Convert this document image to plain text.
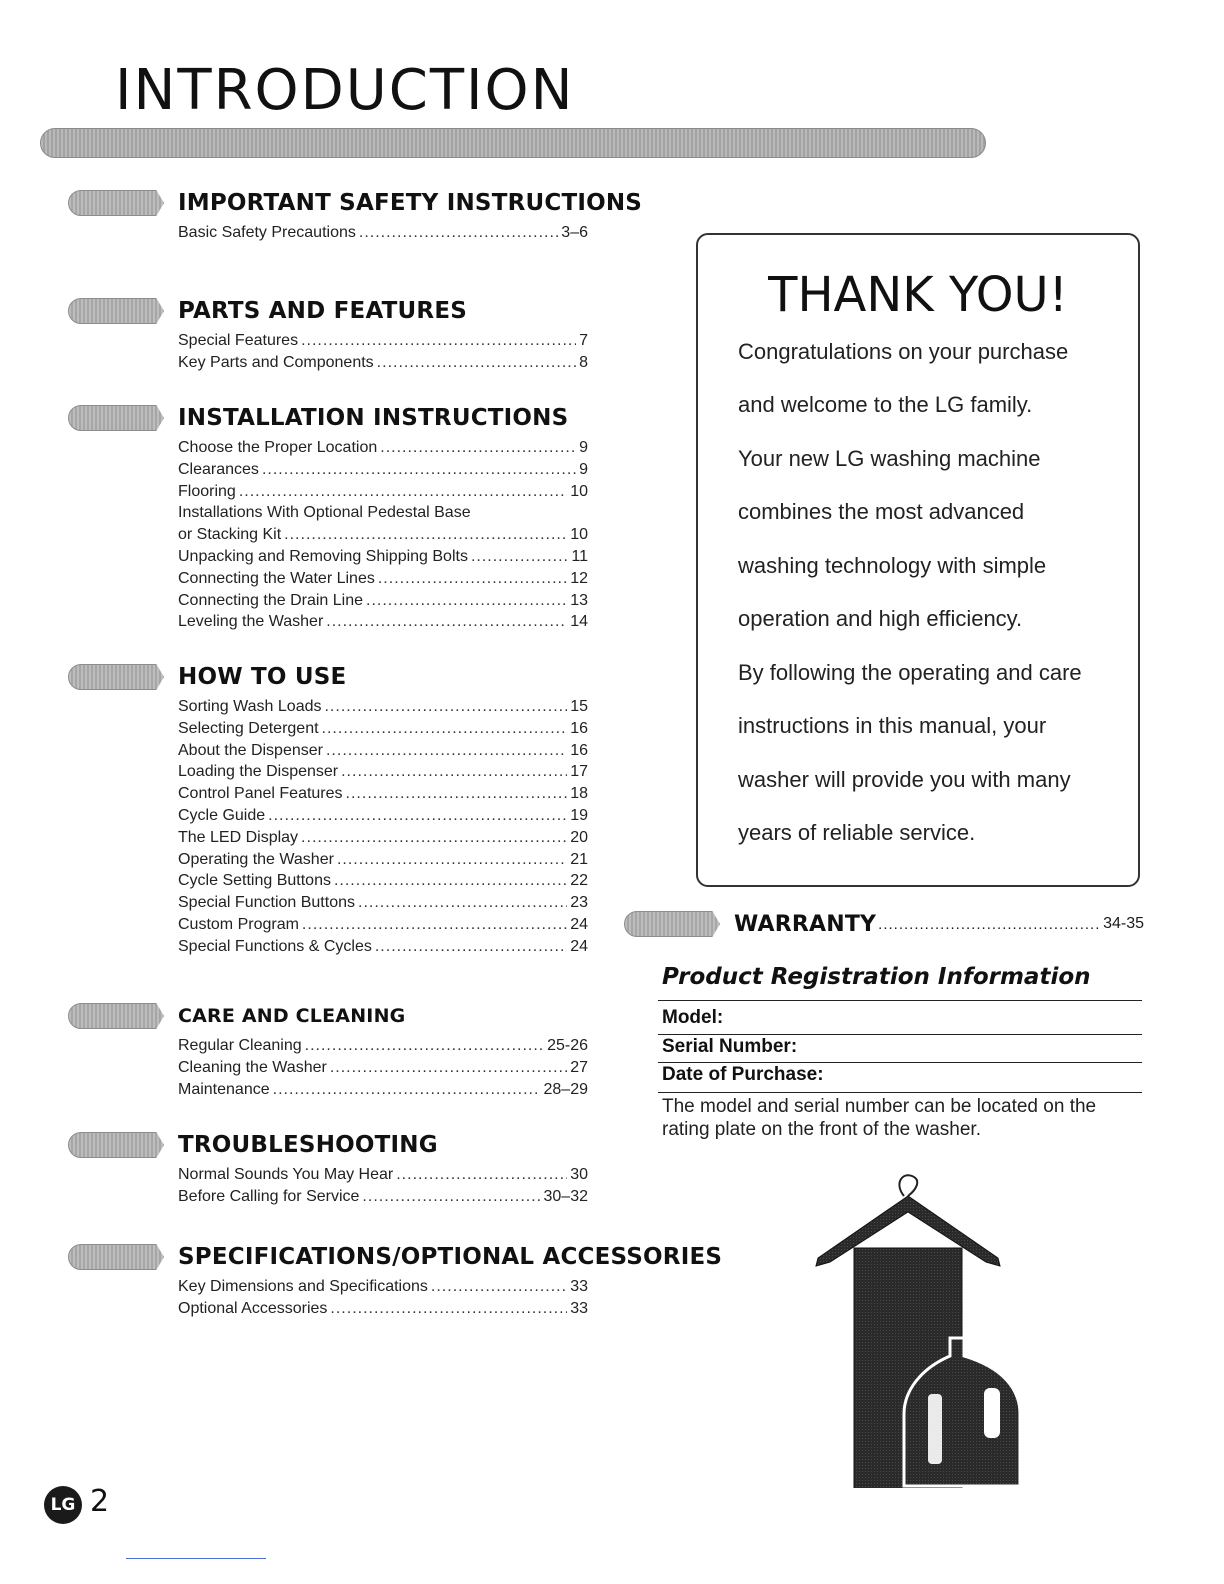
INTRODUCTION
IMPORTANT SAFETY INSTRUCTIONS
Basic Safety Precautions .....	3–6
PARTS AND FEATURES
Special Features .....	7
Key Parts and Components .....	8
INSTALLATION INSTRUCTIONS
Choose the Proper Location .....	9
Clearances .....	9
Flooring .....	10
Installations With Optional Pedestal Base
or Stacking Kit .....	10
Unpacking and Removing Shipping Bolts .....	11
Connecting the Water Lines .....	12
Connecting the Drain Line .....	13
Leveling the Washer .....	14
HOW TO USE
Sorting Wash Loads .....	15
Selecting Detergent .....	16
About the Dispenser .....	16
Loading the Dispenser .....	17
Control Panel Features .....	18
Cycle Guide .....	19
The LED Display .....	20
Operating the Washer .....	21
Cycle Setting Buttons .....	22
Special Function Buttons .....	23
Custom Program .....	24
Special Functions & Cycles .....	24
CARE AND CLEANING
Regular Cleaning .....	25-26
Cleaning the Washer .....	27
Maintenance .....	28–29
TROUBLESHOOTING
Normal Sounds You May Hear .....	30
Before Calling for Service .....	30–32
SPECIFICATIONS/OPTIONAL ACCESSORIES
Key Dimensions and Specifications .....	33
Optional Accessories .....	33
THANK YOU!
Congratulations on your purchase
and welcome to the LG family.
Your new LG washing machine
combines the most advanced
washing technology with simple
operation and high efficiency.
By following the operating and care
instructions in this manual, your
washer will provide you with many
years of reliable service.
WARRANTY .....	34-35
Product Registration Information
Model:
Serial Number:
Date of Purchase:
The model and serial number can be located on the rating plate on the front of the washer.
LG 2
